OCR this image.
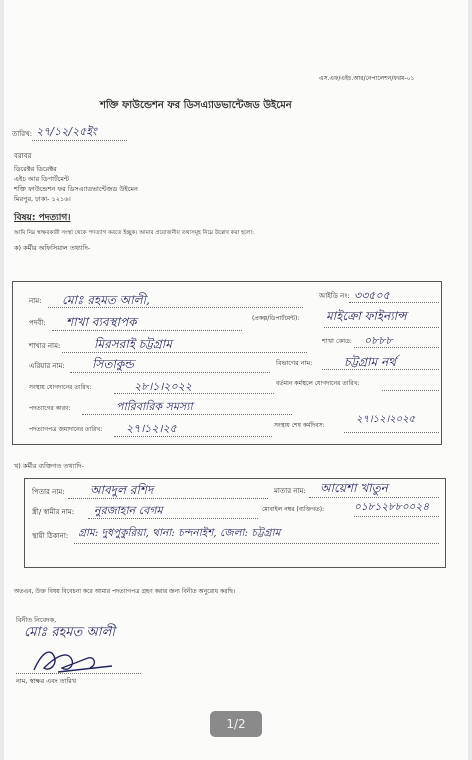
এস.এফ/এইচ.আর/নেপালেশন/ফরম-০১
শক্তি ফাউন্ডেশন ফর ডিসএ্যাডভান্টেজড উইমেন
তারিখ: ২৭/১২/২৫ইং
বরাবর
ডিরেক্টর ডিরেক্টর
এইচ আর ডিপার্টমেন্ট
শক্তি ফাউন্ডেশন ফর ডিসএ্যাডভান্টেজড উইমেন
মিরপুর, ঢাকা- ১২১৬।
বিষয়: পদত্যাগ।
আমি নিম্ন স্বাক্ষরকারী সংস্থা থেকে পদত্যাগ করতে ইচ্ছুক। আমার প্রয়োজনীয় তথ্যসমূহ নিম্নে উল্লেখ করা হলো:
ক) কর্মীর অফিসিয়াল তথ্যাদি-
নাম: মোঃ রহমত আলী,	আইডি নং: ৩৩৫০৫
পদবী: শাখা ব্যবস্থাপক	(প্রকল্প/ডিপার্টমেন্ট): মাইক্রো ফাইন্যান্স
শাখার নাম:	মিরসরাই চট্টগ্রাম	শাখা কোড: ০৮৮৮
এরিয়ার নাম: সিতাকুন্ড	বিভাগের নাম:	চট্টগ্রাম নর্থ
সংস্থায় যোগদানের তারিখ:	২৮।১।২০২২	বর্তমান কর্মস্থলে যোগদানের তারিখ:
পদত্যাগের কারণ:	পারিবারিক সমস্যা
পদত্যাগপত্র জমাদানের তারিখ: ২৭।১২।২৫	সংস্থায় শেষ কর্মদিবস:
২৭।১২।২০২৫
খ) কর্মীর ব্যক্তিগত তথ্যাদি-
পিতার নাম: আবদুল রশিদ	মাতার নাম: আয়েশা খাতুন
স্ত্রী/ স্বামীর নাম: নুরজাহান বেগম	মোবাইল নম্বর (ব্যক্তিগত):	০১৮১২৮৮০০২৪
স্থায়ী ঠিকানা: গ্রাম: দুধপুকুরিয়া, থানা: চন্দনাইশ, জেলা: চট্টগ্রাম
অতএব, উক্ত বিষয় বিবেচনা করে আমার পদত্যাগপত্র গ্রহণ করার জন্য বিনীত অনুরোধ করছি।
বিনীত নিবেদক,
মোঃ রহমত আলী
নাম, স্বাক্ষর এবং তারিখ
1/2
